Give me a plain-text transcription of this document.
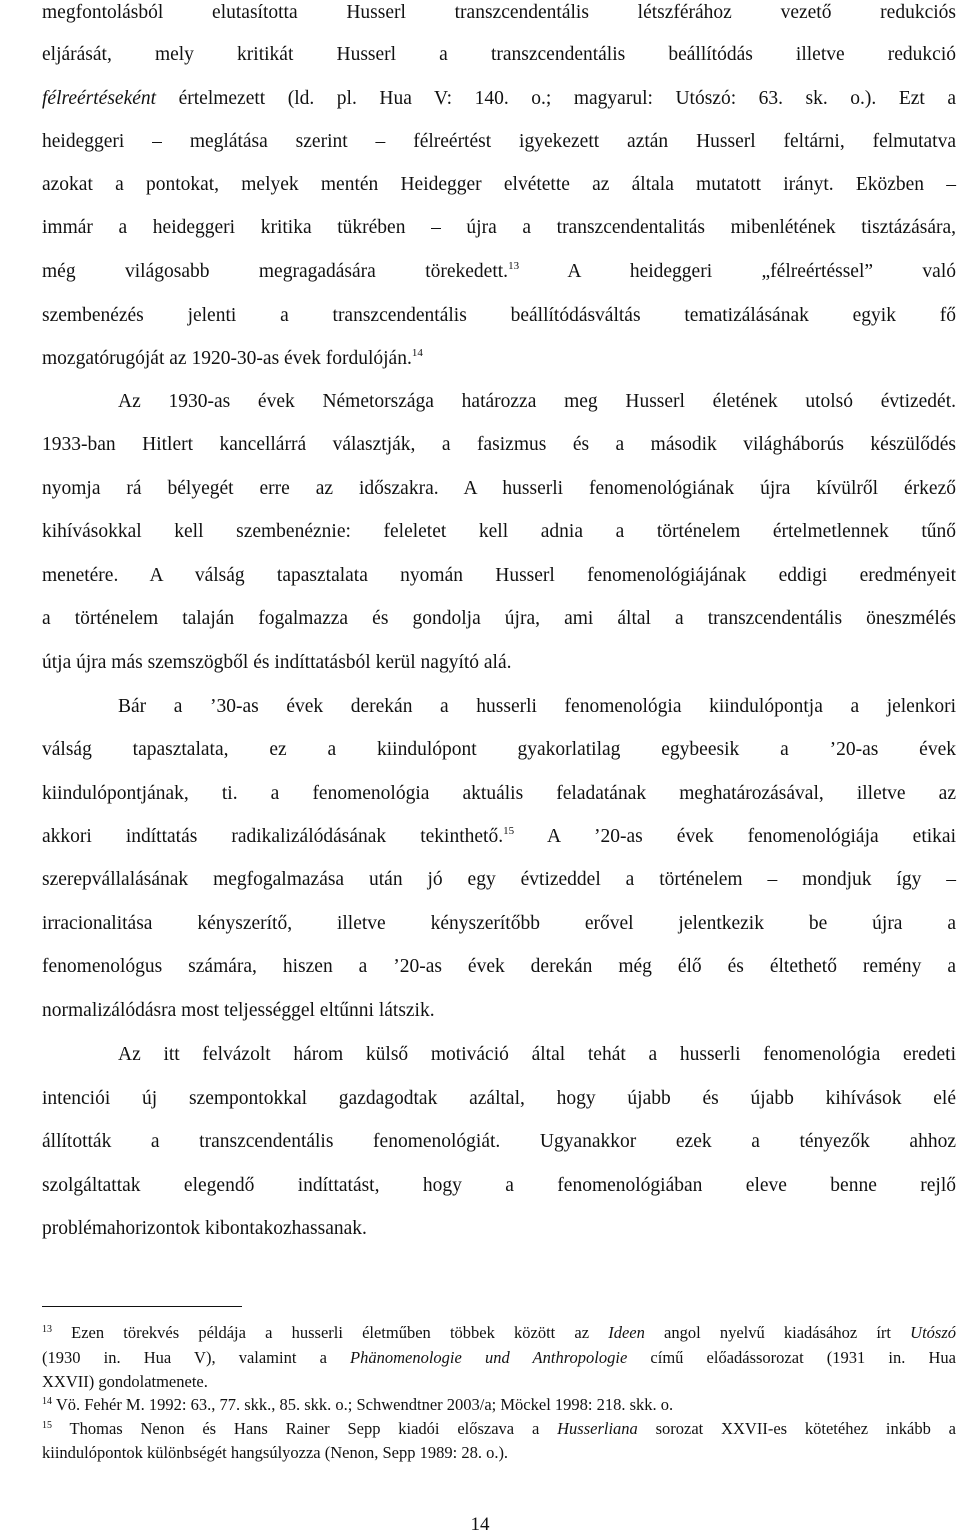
megfontolásból elutasította Husserl transzcendentális létszférához vezető redukciós
eljárását, mely kritikát Husserl a transzcendentális beállítódás illetve redukció
félreértéseként értelmezett (ld. pl. Hua V: 140. o.; magyarul: Utószó: 63. sk. o.). Ezt a
heideggeri – meglátása szerint – félreértést igyekezett aztán Husserl feltárni, felmutatva
azokat a pontokat, melyek mentén Heidegger elvétette az általa mutatott irányt. Eközben –
immár a heideggeri kritika tükrében – újra a transzcendentalitás mibenlétének tisztázására,
még világosabb megragadására törekedett.$^{13}$ A heideggeri „félreértéssel” való
szembenézés jelenti a transzcendentális beállítódásváltás tematizálásának egyik fő
mozgatórugóját az 1920-30-as évek fordulóján.$^{14}$
Az 1930-as évek Németországa határozza meg Husserl életének utolsó évtizedét.
1933-ban Hitlert kancellárrá választják, a fasizmus és a második világháborús készülődés
nyomja rá bélyegét erre az időszakra. A husserli fenomenológiának újra kívülről érkező
kihívásokkal kell szembenéznie: feleletet kell adnia a történelem értelmetlennek tűnő
menetére. A válság tapasztalata nyomán Husserl fenomenológiájának eddigi eredményeit
a történelem talaján fogalmazza és gondolja újra, ami által a transzcendentális öneszmélés
útja újra más szemszögből és indíttatásból kerül nagyító alá.
Bár a ’30-as évek derekán a husserli fenomenológia kiindulópontja a jelenkori
válság tapasztalata, ez a kiindulópont gyakorlatilag egybeesik a ’20-as évek
kiindulópontjának, ti. a fenomenológia aktuális feladatának meghatározásával, illetve az
akkori indíttatás radikalizálódásának tekinthető.$^{15}$ A ’20-as évek fenomenológiája etikai
szerepvállalásának megfogalmazása után jó egy évtizeddel a történelem – mondjuk így –
irracionalitása kényszerítő, illetve kényszerítőbb erővel jelentkezik be újra a
fenomenológus számára, hiszen a ’20-as évek derekán még élő és éltethető remény a
normalizálódásra most teljességgel eltűnni látszik.
Az itt felvázolt három külső motiváció által tehát a husserli fenomenológia eredeti
intenciói új szempontokkal gazdagodtak azáltal, hogy újabb és újabb kihívások elé
állították a transzcendentális fenomenológiát. Ugyanakkor ezek a tényezők ahhoz
szolgáltattak elegendő indíttatást, hogy a fenomenológiában eleve benne rejlő
problémahorizontok kibontakozhassanak.
$^{13}$ Ezen törekvés példája a husserli életműben többek között az Ideen angol nyelvű kiadásához írt Utószó
(1930 in. Hua V), valamint a Phänomenologie und Anthropologie című előadássorozat (1931 in. Hua
XXVII) gondolatmenete.
$^{14}$ Vö. Fehér M. 1992: 63., 77. skk., 85. skk. o.; Schwendtner 2003/a; Möckel 1998: 218. skk. o.
$^{15}$ Thomas Nenon és Hans Rainer Sepp kiadói előszava a Husserliana sorozat XXVII-es kötetéhez inkább a
kiindulópontok különbségét hangsúlyozza (Nenon, Sepp 1989: 28. o.).
14
